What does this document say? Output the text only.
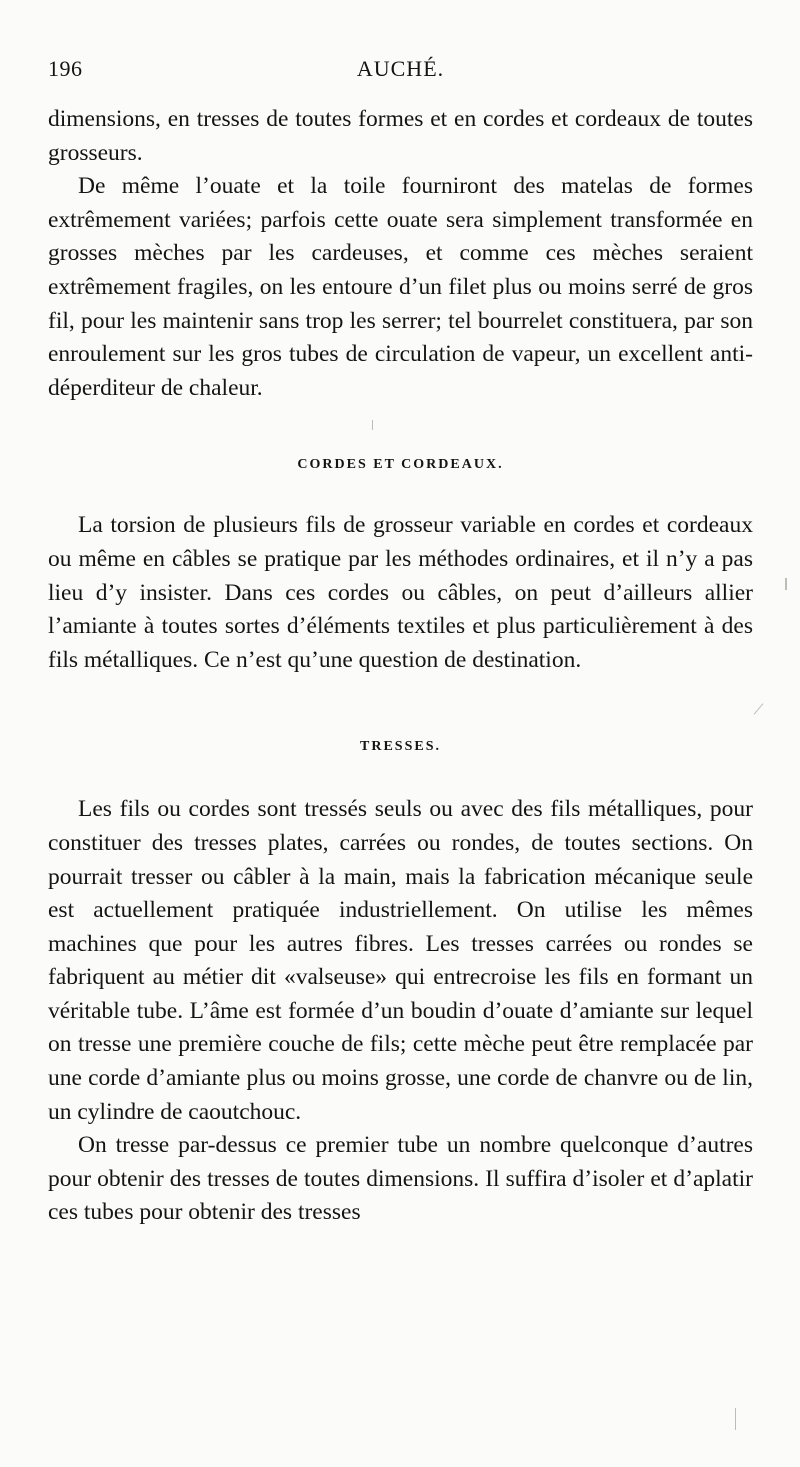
196	AUCHÉ.

dimensions, en tresses de toutes formes et en cordes et cordeaux de toutes grosseurs.

De même l’ouate et la toile fourniront des matelas de formes extrêmement variées; parfois cette ouate sera simplement transformée en grosses mèches par les cardeuses, et comme ces mèches seraient extrêmement fragiles, on les entoure d’un filet plus ou moins serré de gros fil, pour les maintenir sans trop les serrer; tel bourrelet constituera, par son enroulement sur les gros tubes de circulation de vapeur, un excellent anti-déperditeur de chaleur.

CORDES ET CORDEAUX.

La torsion de plusieurs fils de grosseur variable en cordes et cordeaux ou même en câbles se pratique par les méthodes ordinaires, et il n’y a pas lieu d’y insister. Dans ces cordes ou câbles, on peut d’ailleurs allier l’amiante à toutes sortes d’éléments textiles et plus particulièrement à des fils métalliques. Ce n’est qu’une question de destination.

TRESSES.

Les fils ou cordes sont tressés seuls ou avec des fils métalliques, pour constituer des tresses plates, carrées ou rondes, de toutes sections. On pourrait tresser ou câbler à la main, mais la fabrication mécanique seule est actuellement pratiquée industriellement. On utilise les mêmes machines que pour les autres fibres. Les tresses carrées ou rondes se fabriquent au métier dit «valseuse» qui entrecroise les fils en formant un véritable tube. L’âme est formée d’un boudin d’ouate d’amiante sur lequel on tresse une première couche de fils; cette mèche peut être remplacée par une corde d’amiante plus ou moins grosse, une corde de chanvre ou de lin, un cylindre de caoutchouc.

On tresse par-dessus ce premier tube un nombre quelconque d’autres pour obtenir des tresses de toutes dimensions. Il suffira d’isoler et d’aplatir ces tubes pour obtenir des tresses
